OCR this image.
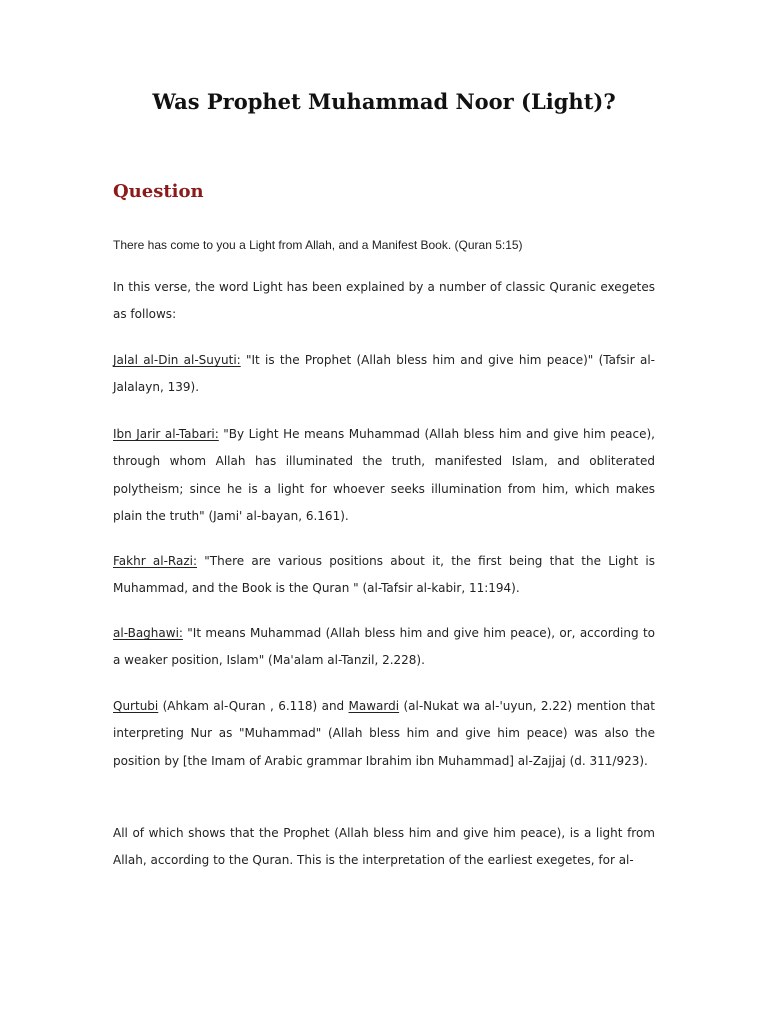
Was Prophet Muhammad Noor (Light)?
Question

There has come to you a Light from Allah, and a Manifest Book. (Quran 5:15)

In this verse, the word Light has been explained by a number of classic Quranic exegetes as follows:

Jalal al-Din al-Suyuti: "It is the Prophet (Allah bless him and give him peace)" (Tafsir al-Jalalayn, 139).

Ibn Jarir al-Tabari: "By Light He means Muhammad (Allah bless him and give him peace), through whom Allah has illuminated the truth, manifested Islam, and obliterated polytheism; since he is a light for whoever seeks illumination from him, which makes plain the truth" (Jami' al-bayan, 6.161).

Fakhr al-Razi: "There are various positions about it, the first being that the Light is Muhammad, and the Book is the Quran " (al-Tafsir al-kabir, 11:194).

al-Baghawi: "It means Muhammad (Allah bless him and give him peace), or, according to a weaker position, Islam" (Ma'alam al-Tanzil, 2.228).

Qurtubi (Ahkam al-Quran , 6.118) and Mawardi (al-Nukat wa al-'uyun, 2.22) mention that interpreting Nur as "Muhammad" (Allah bless him and give him peace) was also the position by [the Imam of Arabic grammar Ibrahim ibn Muhammad] al-Zajjaj (d. 311/923).

All of which shows that the Prophet (Allah bless him and give him peace), is a light from Allah, according to the Quran. This is the interpretation of the earliest exegetes, for al-
